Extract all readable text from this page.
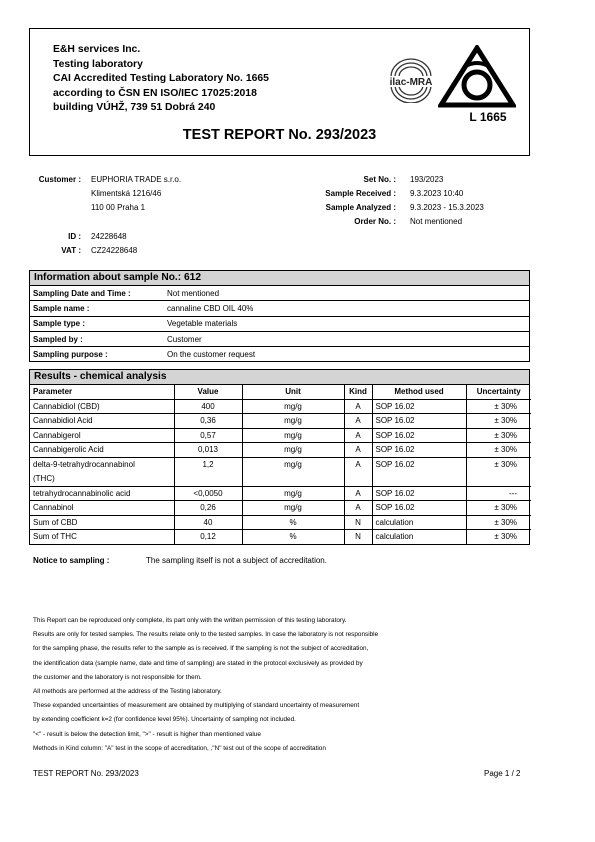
E&H services Inc.
Testing laboratory
CAI Accredited Testing Laboratory No. 1665
according to ČSN EN ISO/IEC 17025:2018
building VÚHŽ, 739 51 Dobrá 240
ilac-MRA
L 1665
TEST REPORT No. 293/2023
Customer : EUPHORIA TRADE s.r.o.
Klimentská 1216/46
110 00 Praha 1
ID : 24228648
VAT : CZ24228648
Set No. : 193/2023
Sample Received : 9.3.2023 10:40
Sample Analyzed : 9.3.2023 - 15.3.2023
Order No. : Not mentioned
Information about sample No.: 612
Sampling Date and Time :	Not mentioned
Sample name :	cannaline CBD OIL 40%
Sample type :	Vegetable materials
Sampled by :	Customer
Sampling purpose :	On the customer request
Results - chemical analysis
Parameter	Value	Unit	Kind	Method used	Uncertainty
Cannabidiol (CBD)	400	mg/g	A	SOP 16.02	± 30%
Cannabidiol Acid	0,36	mg/g	A	SOP 16.02	± 30%
Cannabigerol	0,57	mg/g	A	SOP 16.02	± 30%
Cannabigerolic Acid	0,013	mg/g	A	SOP 16.02	± 30%

delta-9-tetrahydrocannabinol
(THC)	1,2	mg/g	A	SOP 16.02	± 30%
tetrahydrocannabinolic acid	<0,0050	mg/g	A	SOP 16.02	---
Cannabinol	0,26	mg/g	A	SOP 16.02	± 30%
Sum of CBD	40	%	N	calculation	± 30%
Sum of THC	0,12	%	N	calculation	± 30%
Notice to sampling :	The sampling itself is not a subject of accreditation.
This Report can be reproduced only complete, its part only with the written permission of this testing laboratory.
Results are only for tested samples. The results relate only to the tested samples. In case the laboratory is not responsible
for the sampling phase, the results refer to the sample as is received. If the sampling is not the subject of accreditation,
the identification data (sample name, date and time of sampling) are stated in the protocol exclusively as provided by
the customer and the laboratory is not responsible for them.
All methods are performed at the address of the Testing laboratory.
These expanded uncertainties of measurement are obtained by multiplying of standard uncertainty of measurement
by extending coefficient k=2 (for confidence level 95%). Uncertainty of sampling not included.
"<" - result is below the detection limit, ">" - result is higher than mentioned value
Methods in Kind column: "A" test in the scope of accreditation, ,"N" test out of the scope of accreditation
TEST REPORT No. 293/2023	Page 1 / 2
